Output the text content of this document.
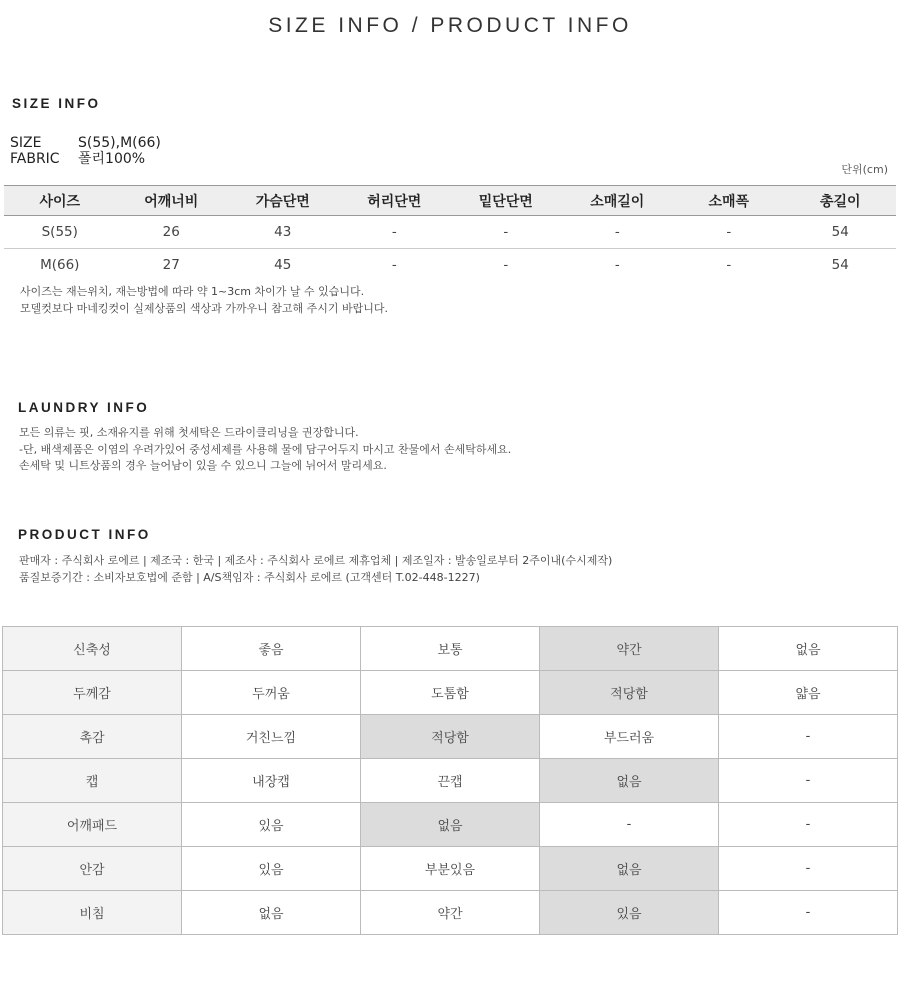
SIZE INFO / PRODUCT INFO
SIZE INFO
SIZE	S(55),M(66)
FABRIC 폴리100%
단위(cm)
사이즈	어깨너비	가슴단면	허리단면	밑단단면	소매길이	소매폭	총길이
S(55)	26	43	-	-	-	-	54
M(66)	27	45	-	-	-	-	54
사이즈는 재는위치, 재는방법에 따라 약 1~3cm 차이가 날 수 있습니다.
모델컷보다 마네킹컷이 실제상품의 색상과 가까우니 참고해 주시기 바랍니다.
LAUNDRY INFO
모든 의류는 핏, 소재유지를 위해 첫세탁은 드라이클리닝을 권장합니다.
-단, 배색제품은 이염의 우려가있어 중성세제를 사용해 물에 담구어두지 마시고 찬물에서 손세탁하세요.
손세탁 및 니트상품의 경우 늘어남이 있을 수 있으니 그늘에 뉘어서 말리세요.
PRODUCT INFO
판매자 : 주식회사 로에르 | 제조국 : 한국 | 제조사 : 주식회사 로에르 제휴업체 | 제조일자 : 발송일로부터 2주이내(수시제작)
품질보증기간 : 소비자보호법에 준함 | A/S책임자 : 주식회사 로에르 (고객센터 T.02-448-1227)
신축성	좋음	보통	약간	없음
두께감	두꺼움	도톰함	적당함	얇음
촉감	거친느낌	적당함	부드러움	-
캡	내장캡	끈캡	없음	-
어깨패드	있음	없음	-	-
안감	있음	부분있음	없음	-
비침	없음	약간	있음	-
